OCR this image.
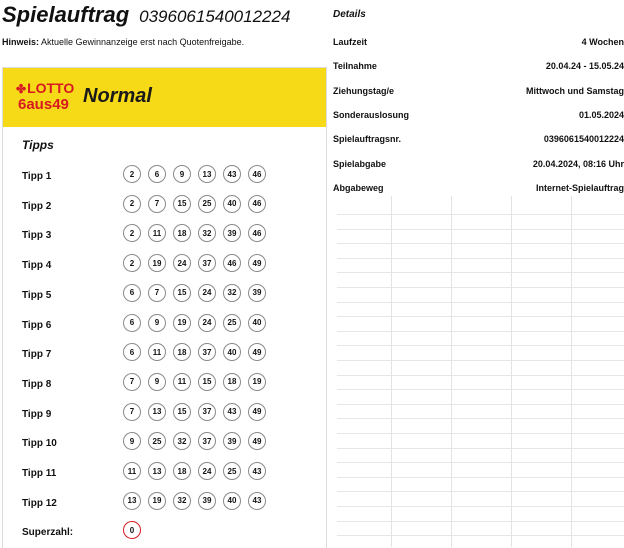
Spielauftrag 0396061540012224
Hinweis: Aktuelle Gewinnanzeige erst nach Quotenfreigabe.
✤LOTTO
6aus49 Normal
Tipps
Tipp 1	2	6	9	13	43	46
Tipp 2	2	7	15	25	40	46
Tipp 3	2	11	18	32	39	46
Tipp 4	2	19	24	37	46	49
Tipp 5	6	7	15	24	32	39
Tipp 6	6	9	19	24	25	40
Tipp 7	6	11	18	37	40	49
Tipp 8	7	9	11	15	18	19
Tipp 9	7	13	15	37	43	49
Tipp 10	9	25	32	37	39	49
Tipp 11	11	13	18	24	25	43
Tipp 12	13	19	32	39	40	43
Superzahl:	0
Details
Laufzeit	4 Wochen
Teilnahme	20.04.24 - 15.05.24
Ziehungstag/e	Mittwoch und Samstag
Sonderauslosung	01.05.2024
Spielauftragsnr.	0396061540012224
Spielabgabe	20.04.2024, 08:16 Uhr
Abgabeweg	Internet-Spielauftrag
